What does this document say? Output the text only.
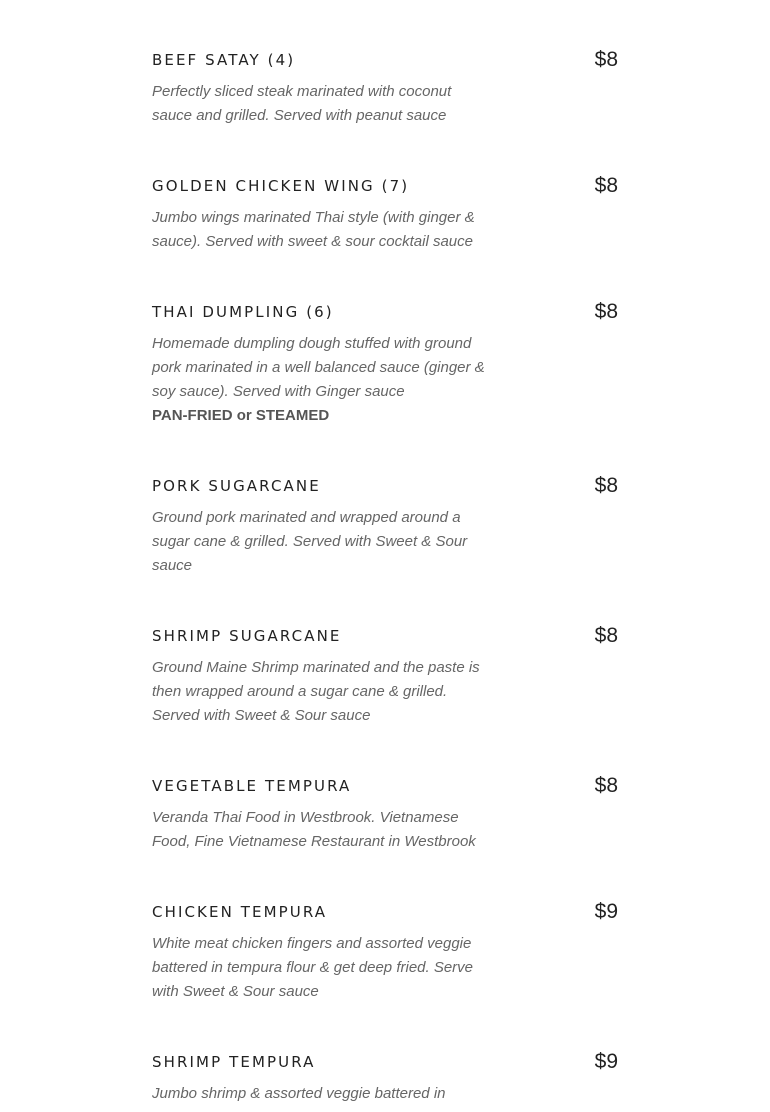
BEEF SATAY (4)	$8
Perfectly sliced steak marinated with coconut sauce and grilled. Served with peanut sauce
GOLDEN CHICKEN WING (7)	$8
Jumbo wings marinated Thai style (with ginger & sauce). Served with sweet & sour cocktail sauce
THAI DUMPLING (6)	$8
Homemade dumpling dough stuffed with ground pork marinated in a well balanced sauce (ginger & soy sauce). Served with Ginger sauce
PAN-FRIED or STEAMED
PORK SUGARCANE	$8
Ground pork marinated and wrapped around a sugar cane & grilled. Served with Sweet & Sour sauce
SHRIMP SUGARCANE	$8
Ground Maine Shrimp marinated and the paste is then wrapped around a sugar cane & grilled. Served with Sweet & Sour sauce
VEGETABLE TEMPURA	$8
Veranda Thai Food in Westbrook. Vietnamese Food, Fine Vietnamese Restaurant in Westbrook
CHICKEN TEMPURA	$9
White meat chicken fingers and assorted veggie battered in tempura flour & get deep fried. Serve with Sweet & Sour sauce
SHRIMP TEMPURA	$9
Jumbo shrimp & assorted veggie battered in
